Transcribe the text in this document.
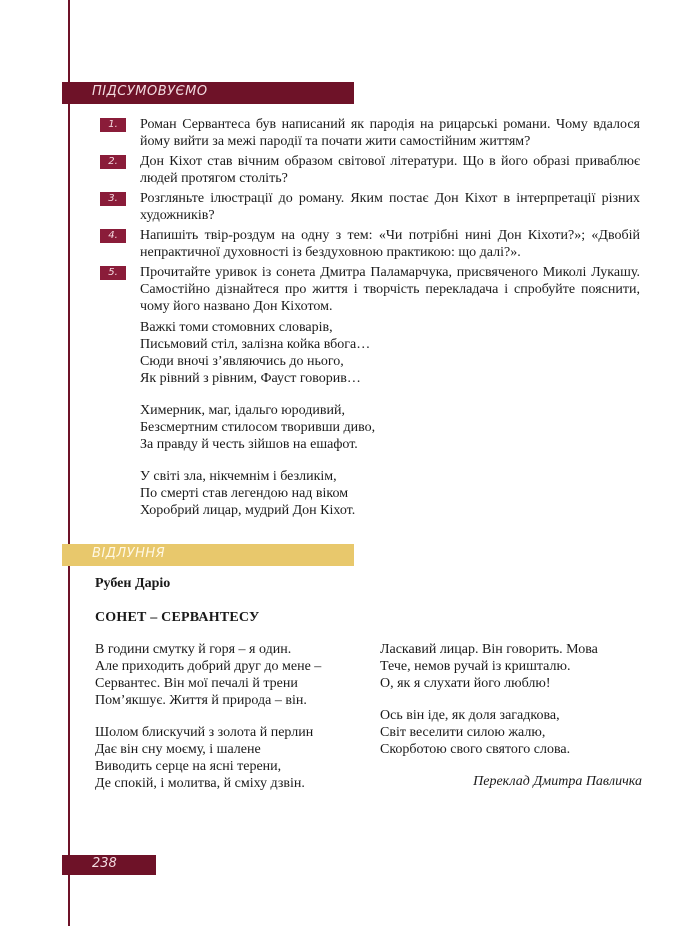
ПІДСУМОВУЄМО
1.	Роман Сервантеса був написаний як пародія на рицарські романи. Чому вдалося йому вийти за межі пародії та почати жити самостійним життям?
2.	Дон Кіхот став вічним образом світової літератури. Що в його образі приваблює людей протягом століть?
3.	Розгляньте ілюстрації до роману. Яким постає Дон Кіхот в інтерпретації різних художників?
4.	Напишіть твір-роздум на одну з тем: «Чи потрібні нині Дон Кіхоти?»; «Двобій непрактичної духовності із бездуховною практикою: що далі?».
5.	Прочитайте уривок із сонета Дмитра Паламарчука, присвяченого Миколі Лукашу. Самостійно дізнайтеся про життя і творчість перекладача і спробуйте пояснити, чому його названо Дон Кіхотом.
Важкі томи стомовних словарів,
Письмовий стіл, залізна койка вбога…
Сюди вночі з’являючись до нього,
Як рівний з рівним, Фауст говорив…
Химерник, маг, ідальго юродивий,
Безсмертним стилосом творивши диво,
За правду й честь зійшов на ешафот.
У світі зла, нікчемнім і безликім,
По смерті став легендою над віком
Хоробрий лицар, мудрий Дон Кіхот.
ВІДЛУННЯ
Рубен Даріо
СОНЕТ – СЕРВАНТЕСУ
В години смутку й горя – я один.
Але приходить добрий друг до мене –
Сервантес. Він мої печалі й трени
Пом’якшує. Життя й природа – він.
Шолом блискучий з золота й перлин
Дає він сну моєму, і шалене
Виводить серце на ясні терени,
Де спокій, і молитва, й сміху дзвін.
Ласкавий лицар. Він говорить. Мова
Тече, немов ручай із кришталю.
О, як я слухати його люблю!
Ось він іде, як доля загадкова,
Світ веселити силою жалю,
Скорботою свого святого слова.
Переклад Дмитра Павличка
238
